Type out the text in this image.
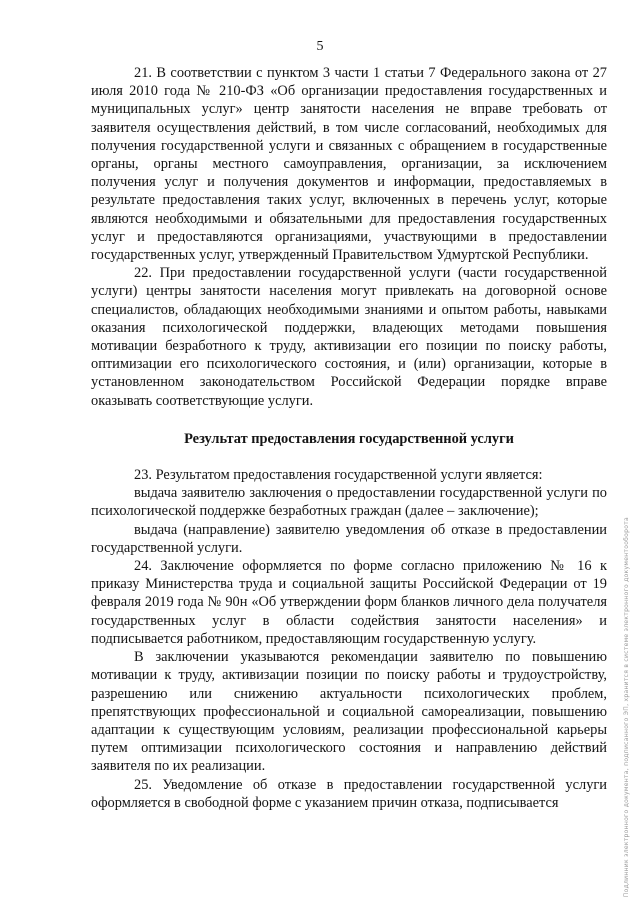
5

21. В соответствии с пунктом 3 части 1 статьи 7 Федерального закона от 27 июля 2010 года № 210-ФЗ «Об организации предоставления государственных и муниципальных услуг» центр занятости населения не вправе требовать от заявителя осуществления действий, в том числе согласований, необходимых для получения государственной услуги и связанных с обращением в государственные органы, органы местного самоуправления, организации, за исключением получения услуг и получения документов и информации, предоставляемых в результате предоставления таких услуг, включенных в перечень услуг, которые являются необходимыми и обязательными для предоставления государственных услуг и предоставляются организациями, участвующими в предоставлении государственных услуг, утвержденный Правительством Удмуртской Республики.

22. При предоставлении государственной услуги (части государственной услуги) центры занятости населения могут привлекать на договорной основе специалистов, обладающих необходимыми знаниями и опытом работы, навыками оказания психологической поддержки, владеющих методами повышения мотивации безработного к труду, активизации его позиции по поиску работы, оптимизации его психологического состояния, и (или) организации, которые в установленном законодательством Российской Федерации порядке вправе оказывать соответствующие услуги.

Результат предоставления государственной услуги

23. Результатом предоставления государственной услуги является:

выдача заявителю заключения о предоставлении государственной услуги по психологической поддержке безработных граждан (далее – заключение);

выдача (направление) заявителю уведомления об отказе в предоставлении государственной услуги.

24. Заключение оформляется по форме согласно приложению № 16 к приказу Министерства труда и социальной защиты Российской Федерации от 19 февраля 2019 года № 90н «Об утверждении форм бланков личного дела получателя государственных услуг в области содействия занятости населения» и подписывается работником, предоставляющим государственную услугу.

В заключении указываются рекомендации заявителю по повышению мотивации к труду, активизации позиции по поиску работы и трудоустройству, разрешению или снижению актуальности психологических проблем, препятствующих профессиональной и социальной самореализации, повышению адаптации к существующим условиям, реализации профессиональной карьеры путем оптимизации психологического состояния и направлению действий заявителя по их реализации.

25. Уведомление об отказе в предоставлении государственной услуги оформляется в свободной форме с указанием причин отказа, подписывается	Подлинник электронного документа, подписанного ЭП, хранится в системе электронного документооборота
